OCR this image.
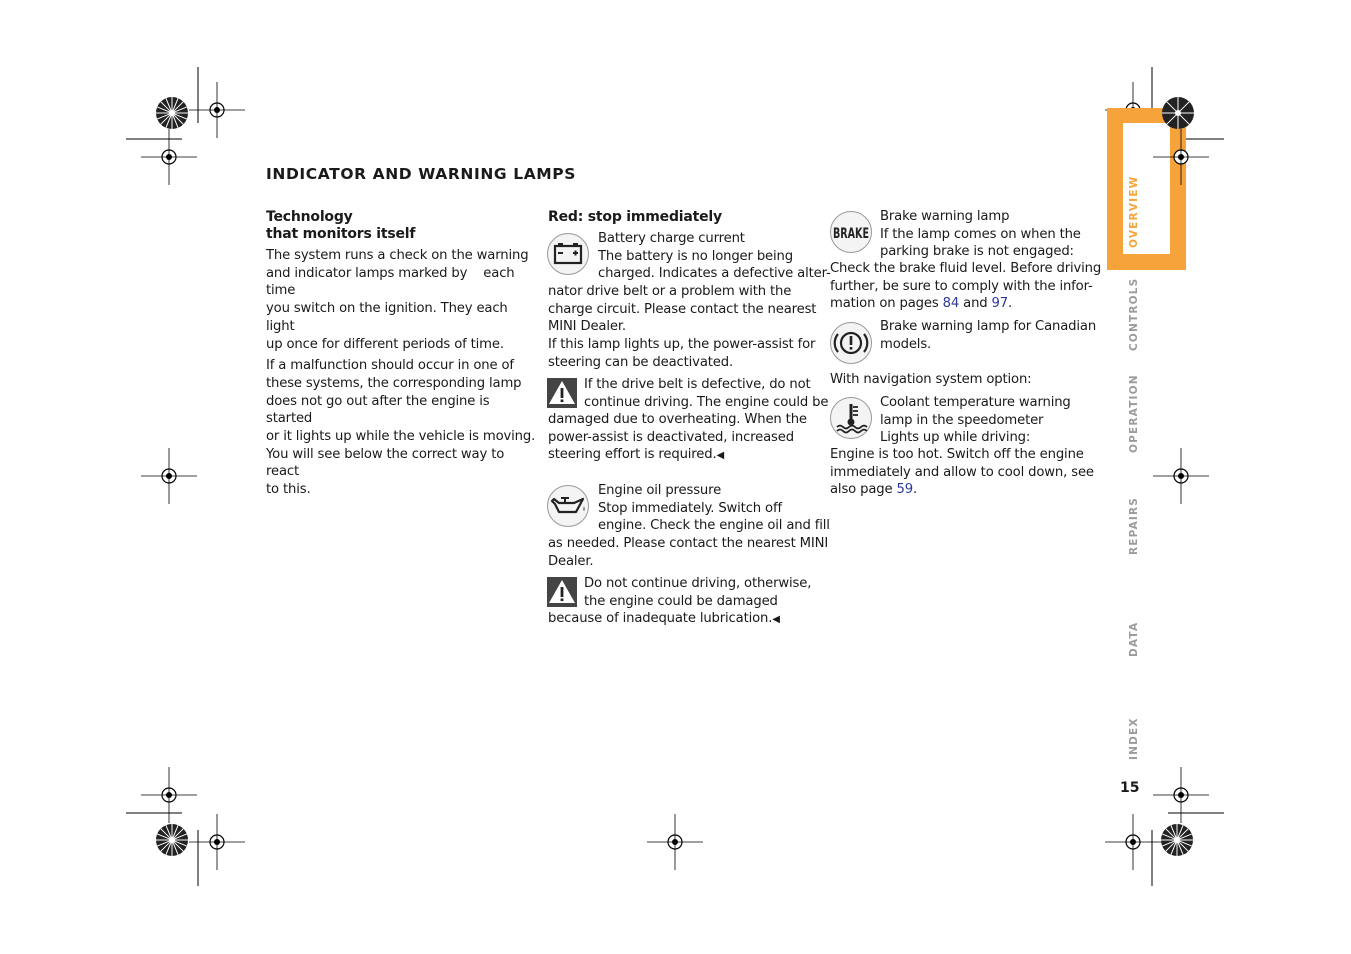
OVERVIEW
CONTROLS
OPERATION
REPAIRS
DATA
INDEX
15
INDICATOR AND WARNING LAMPS
Technology
that monitors itself
The system runs a check on the warning
and indicator lamps marked by each time
you switch on the ignition. They each light
up once for different periods of time.
If a malfunction should occur in one of
these systems, the corresponding lamp
does not go out after the engine is started
or it lights up while the vehicle is moving.
You will see below the correct way to react
to this.
Red: stop immediately
Battery charge current
The battery is no longer being
charged. Indicates a defective alter-
nator drive belt or a problem with the
charge circuit. Please contact the nearest
MINI Dealer.
If this lamp lights up, the power-assist for
steering can be deactivated.
If the drive belt is defective, do not
continue driving. The engine could be
damaged due to overheating. When the
power-assist is deactivated, increased
steering effort is required.◀
Engine oil pressure
Stop immediately. Switch off
engine. Check the engine oil and fill
as needed. Please contact the nearest MINI
Dealer.
Do not continue driving, otherwise,
the engine could be damaged
because of inadequate lubrication.◀
BRAKE
Brake warning lamp
If the lamp comes on when the
parking brake is not engaged:
Check the brake fluid level. Before driving
further, be sure to comply with the infor-
mation on pages 84 and 97.
Brake warning lamp for Canadian
models.
With navigation system option:
Coolant temperature warning
lamp in the speedometer
Lights up while driving:
Engine is too hot. Switch off the engine
immediately and allow to cool down, see
also page 59.
